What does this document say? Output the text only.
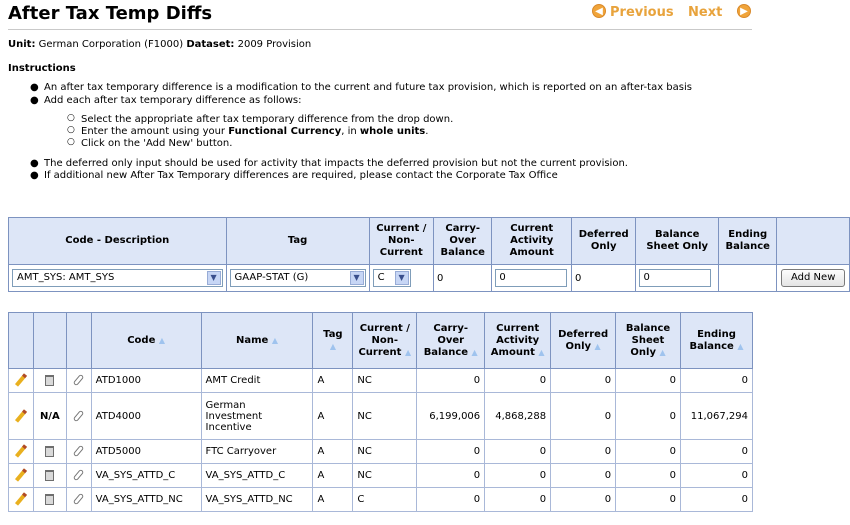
After Tax Temp Diffs	◀ Previous Next	▶
Unit: German Corporation (F1000) Dataset: 2009 Provision
Instructions
● An after tax temporary difference is a modification to the current and future tax provision, which is reported on an after-tax basis
● Add each after tax temporary difference as follows:
○ Select the appropriate after tax temporary difference from the drop down.
○ Enter the amount using your Functional Currency, in whole units.
○ Click on the 'Add New' button.
● The deferred only input should be used for activity that impacts the deferred provision but not the current provision.
● If additional new After Tax Temporary differences are required, please contact the Corporate Tax Office
Code - Description	Tag	Current /
Non-
Current	Carry-
Over
Balance	Current
Activity
Amount	Deferred
Only	Balance
Sheet Only	Ending
Balance	

AMT_SYS: AMT_SYS ▼	GAAP-STAT (G) ▼	C ▼	0	0	0	0		Add New
			Code ▲	Name ▲	Tag
▲	Current /
Non-
Current ▲	Carry-
Over
Balance ▲	Current
Activity
Amount ▲	Deferred
Only ▲	Balance
Sheet
Only ▲	Ending
Balance ▲
			ATD1000	AMT Credit	A	NC	0	0	0	0	0
	N/A		ATD4000	German
Investment
Incentive	A	NC	6,199,006	4,868,288	0	0	11,067,294
			ATD5000	FTC Carryover	A	NC	0	0	0	0	0
			VA_SYS_ATTD_C	VA_SYS_ATTD_C	A	NC	0	0	0	0	0
			VA_SYS_ATTD_NC	VA_SYS_ATTD_NC	A	C	0	0	0	0	0
